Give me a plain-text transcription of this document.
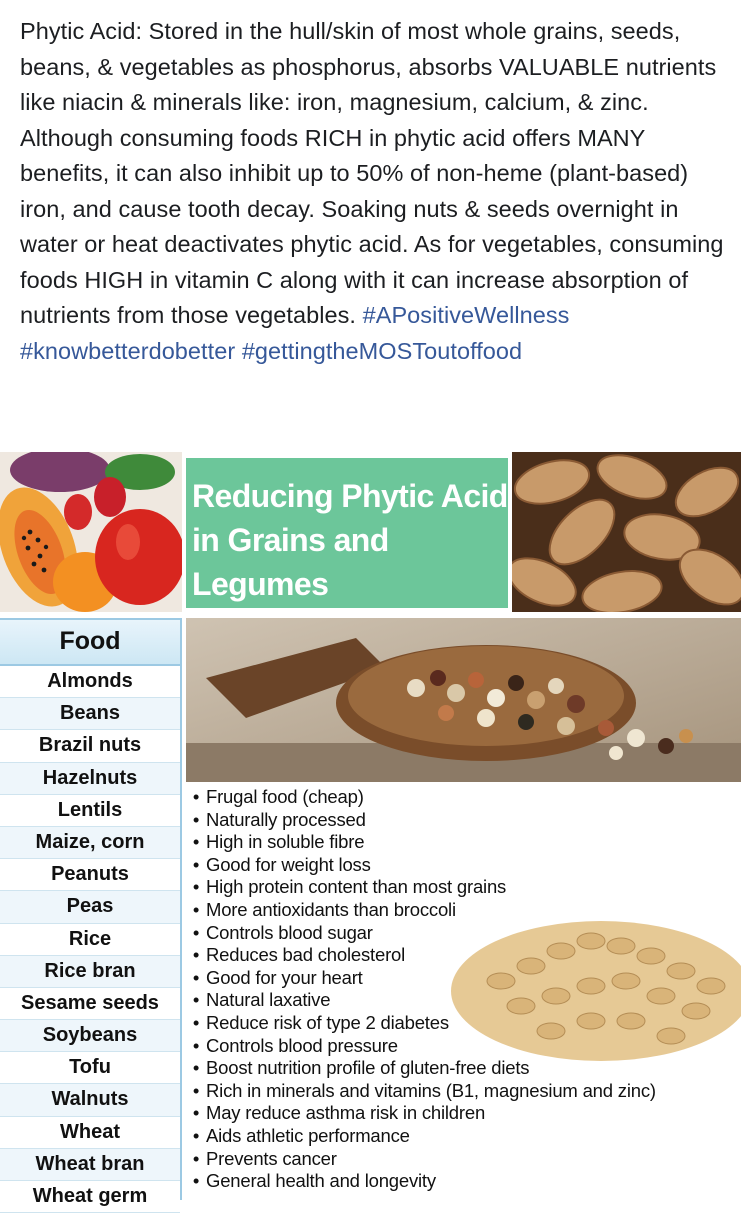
Phytic Acid: Stored in the hull/skin of most whole grains, seeds, beans, & vegetables as phosphorus, absorbs VALUABLE nutrients like niacin & minerals like: iron, magnesium, calcium, & zinc. Although consuming foods RICH in phytic acid offers MANY benefits, it can also inhibit up to 50% of non-heme (plant-based) iron, and cause tooth decay. Soaking nuts & seeds overnight in water or heat deactivates phytic acid. As for vegetables, consuming foods HIGH in vitamin C along with it can increase absorption of nutrients from those vegetables. #APositiveWellness #knowbetterdobetter #gettingtheMOSToutoffood
Reducing Phytic Acid in Grains and Legumes
Food
Almonds
Beans
Brazil nuts
Hazelnuts
Lentils
Maize, corn
Peanuts
Peas
Rice
Rice bran
Sesame seeds
Soybeans
Tofu
Walnuts
Wheat
Wheat bran
Wheat germ
• Frugal food (cheap)
• Naturally processed
• High in soluble fibre
• Good for weight loss
• High protein content than most grains
• More antioxidants than broccoli
• Controls blood sugar
• Reduces bad cholesterol
• Good for your heart
• Natural laxative
• Reduce risk of type 2 diabetes
• Controls blood pressure
• Boost nutrition profile of gluten-free diets
• Rich in minerals and vitamins (B1, magnesium and zinc)
• May reduce asthma risk in children
• Aids athletic performance
• Prevents cancer
• General health and longevity
